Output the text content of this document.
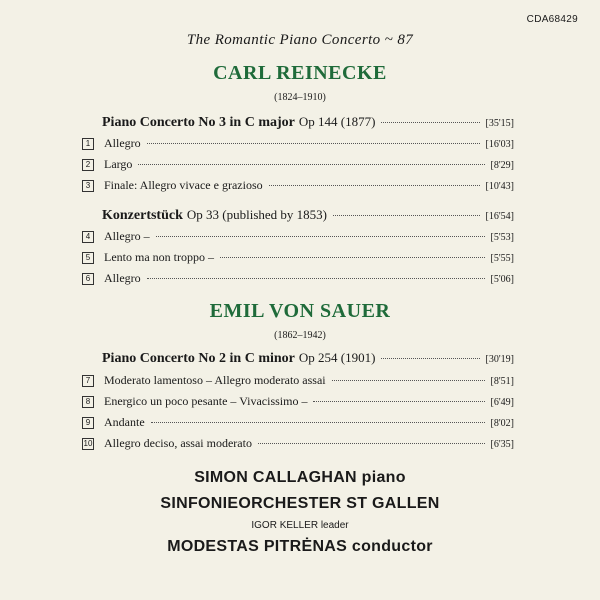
CDA68429
The Romantic Piano Concerto ~ 87
CARL REINECKE
(1824–1910)
Piano Concerto No 3 in C major Op 144 (1877)	[35'15]
1	Allegro	[16'03]
2	Largo	[8'29]
3	Finale: Allegro vivace e grazioso	[10'43]
Konzertstück Op 33 (published by 1853)	[16'54]
4	Allegro –	[5'53]
5	Lento ma non troppo –	[5'55]
6	Allegro	[5'06]
EMIL VON SAUER
(1862–1942)
Piano Concerto No 2 in C minor Op 254 (1901)	[30'19]
7	Moderato lamentoso – Allegro moderato assai	[8'51]
8	Energico un poco pesante – Vivacissimo –	[6'49]
9	Andante	[8'02]
10 Allegro deciso, assai moderato	[6'35]
SIMON CALLAGHAN piano
SINFONIEORCHESTER ST GALLEN
IGOR KELLER leader
MODESTAS PITRĖNAS conductor
